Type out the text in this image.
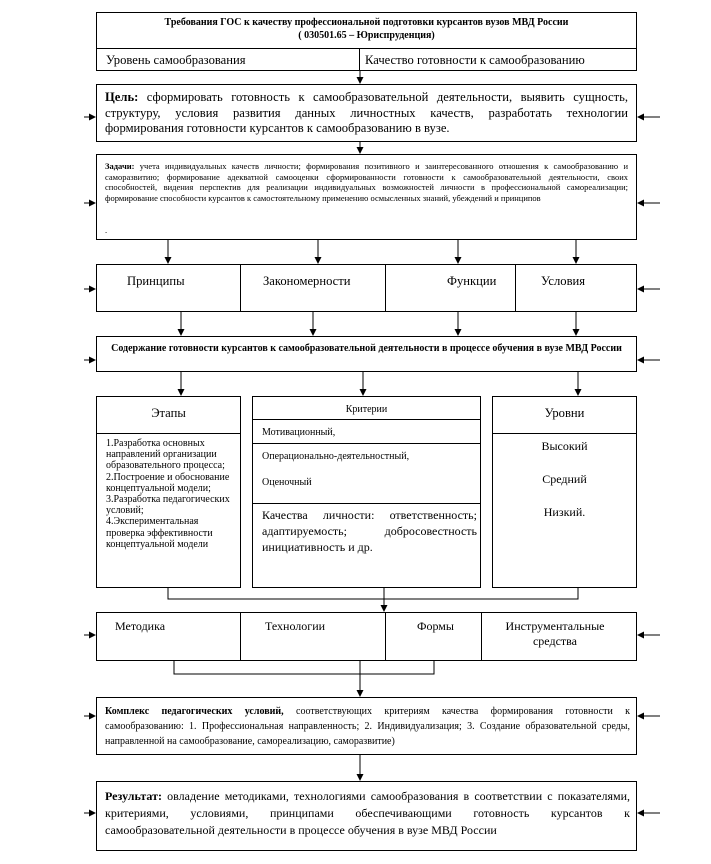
Требования ГОС к качеству профессиональной подготовки курсантов вузов МВД России

( 030501.65 – Юриспруденция)

Уровень самообразования	Качество готовности к самообразованию

Цель: сформировать готовность к самообразовательной деятельности, выявить сущность, структуру, условия развития данных личностных качеств, разработать технологии формирования готовности курсантов к самообразованию в вузе.

Задачи: учета индивидуальных качеств личности; формирования позитивного и заинтересованного отношения к самообразованию и саморазвитию; формирование адекватной самооценки сформированности готовности к самообразовательной деятельности, своих способностей, видения перспектив для реализации индивидуальных возможностей личности в профессиональной самореализации; формирование способности курсантов к самостоятельному применению осмысленных знаний, убеждений и принципов

.

Принципы	Закономерности	Функции	Условия

Содержание готовности курсантов к самообразовательной деятельности в процессе обучения в вузе МВД России

Этапы

1.Разработка основных направлений организации образовательного процесса;
2.Построение и обоснование концептуальной модели;
3.Разработка педагогических условий;
4.Экспериментальная проверка эффективности концептуальной модели

Критерии

Мотивационный,

Операционально-деятельностный,

Оценочный

Качества личности: ответственность; адаптируемость; добросовестность инициативность и др.

Уровни

Высокий

Средний

Низкий.

Методика	Технологии	Формы	Инструментальные средства

Комплекс педагогических условий, соответствующих критериям качества формирования готовности к самообразованию: 1. Профессиональная направленность; 2. Индивидуализация; 3. Создание образовательной среды, направленной на самообразование, самореализацию, саморазвитие)

Результат: овладение методиками, технологиями самообразования в соответствии с показателями, критериями, условиями, принципами обеспечивающими готовность курсантов к самообразовательной деятельности в процессе обучения в вузе МВД России
